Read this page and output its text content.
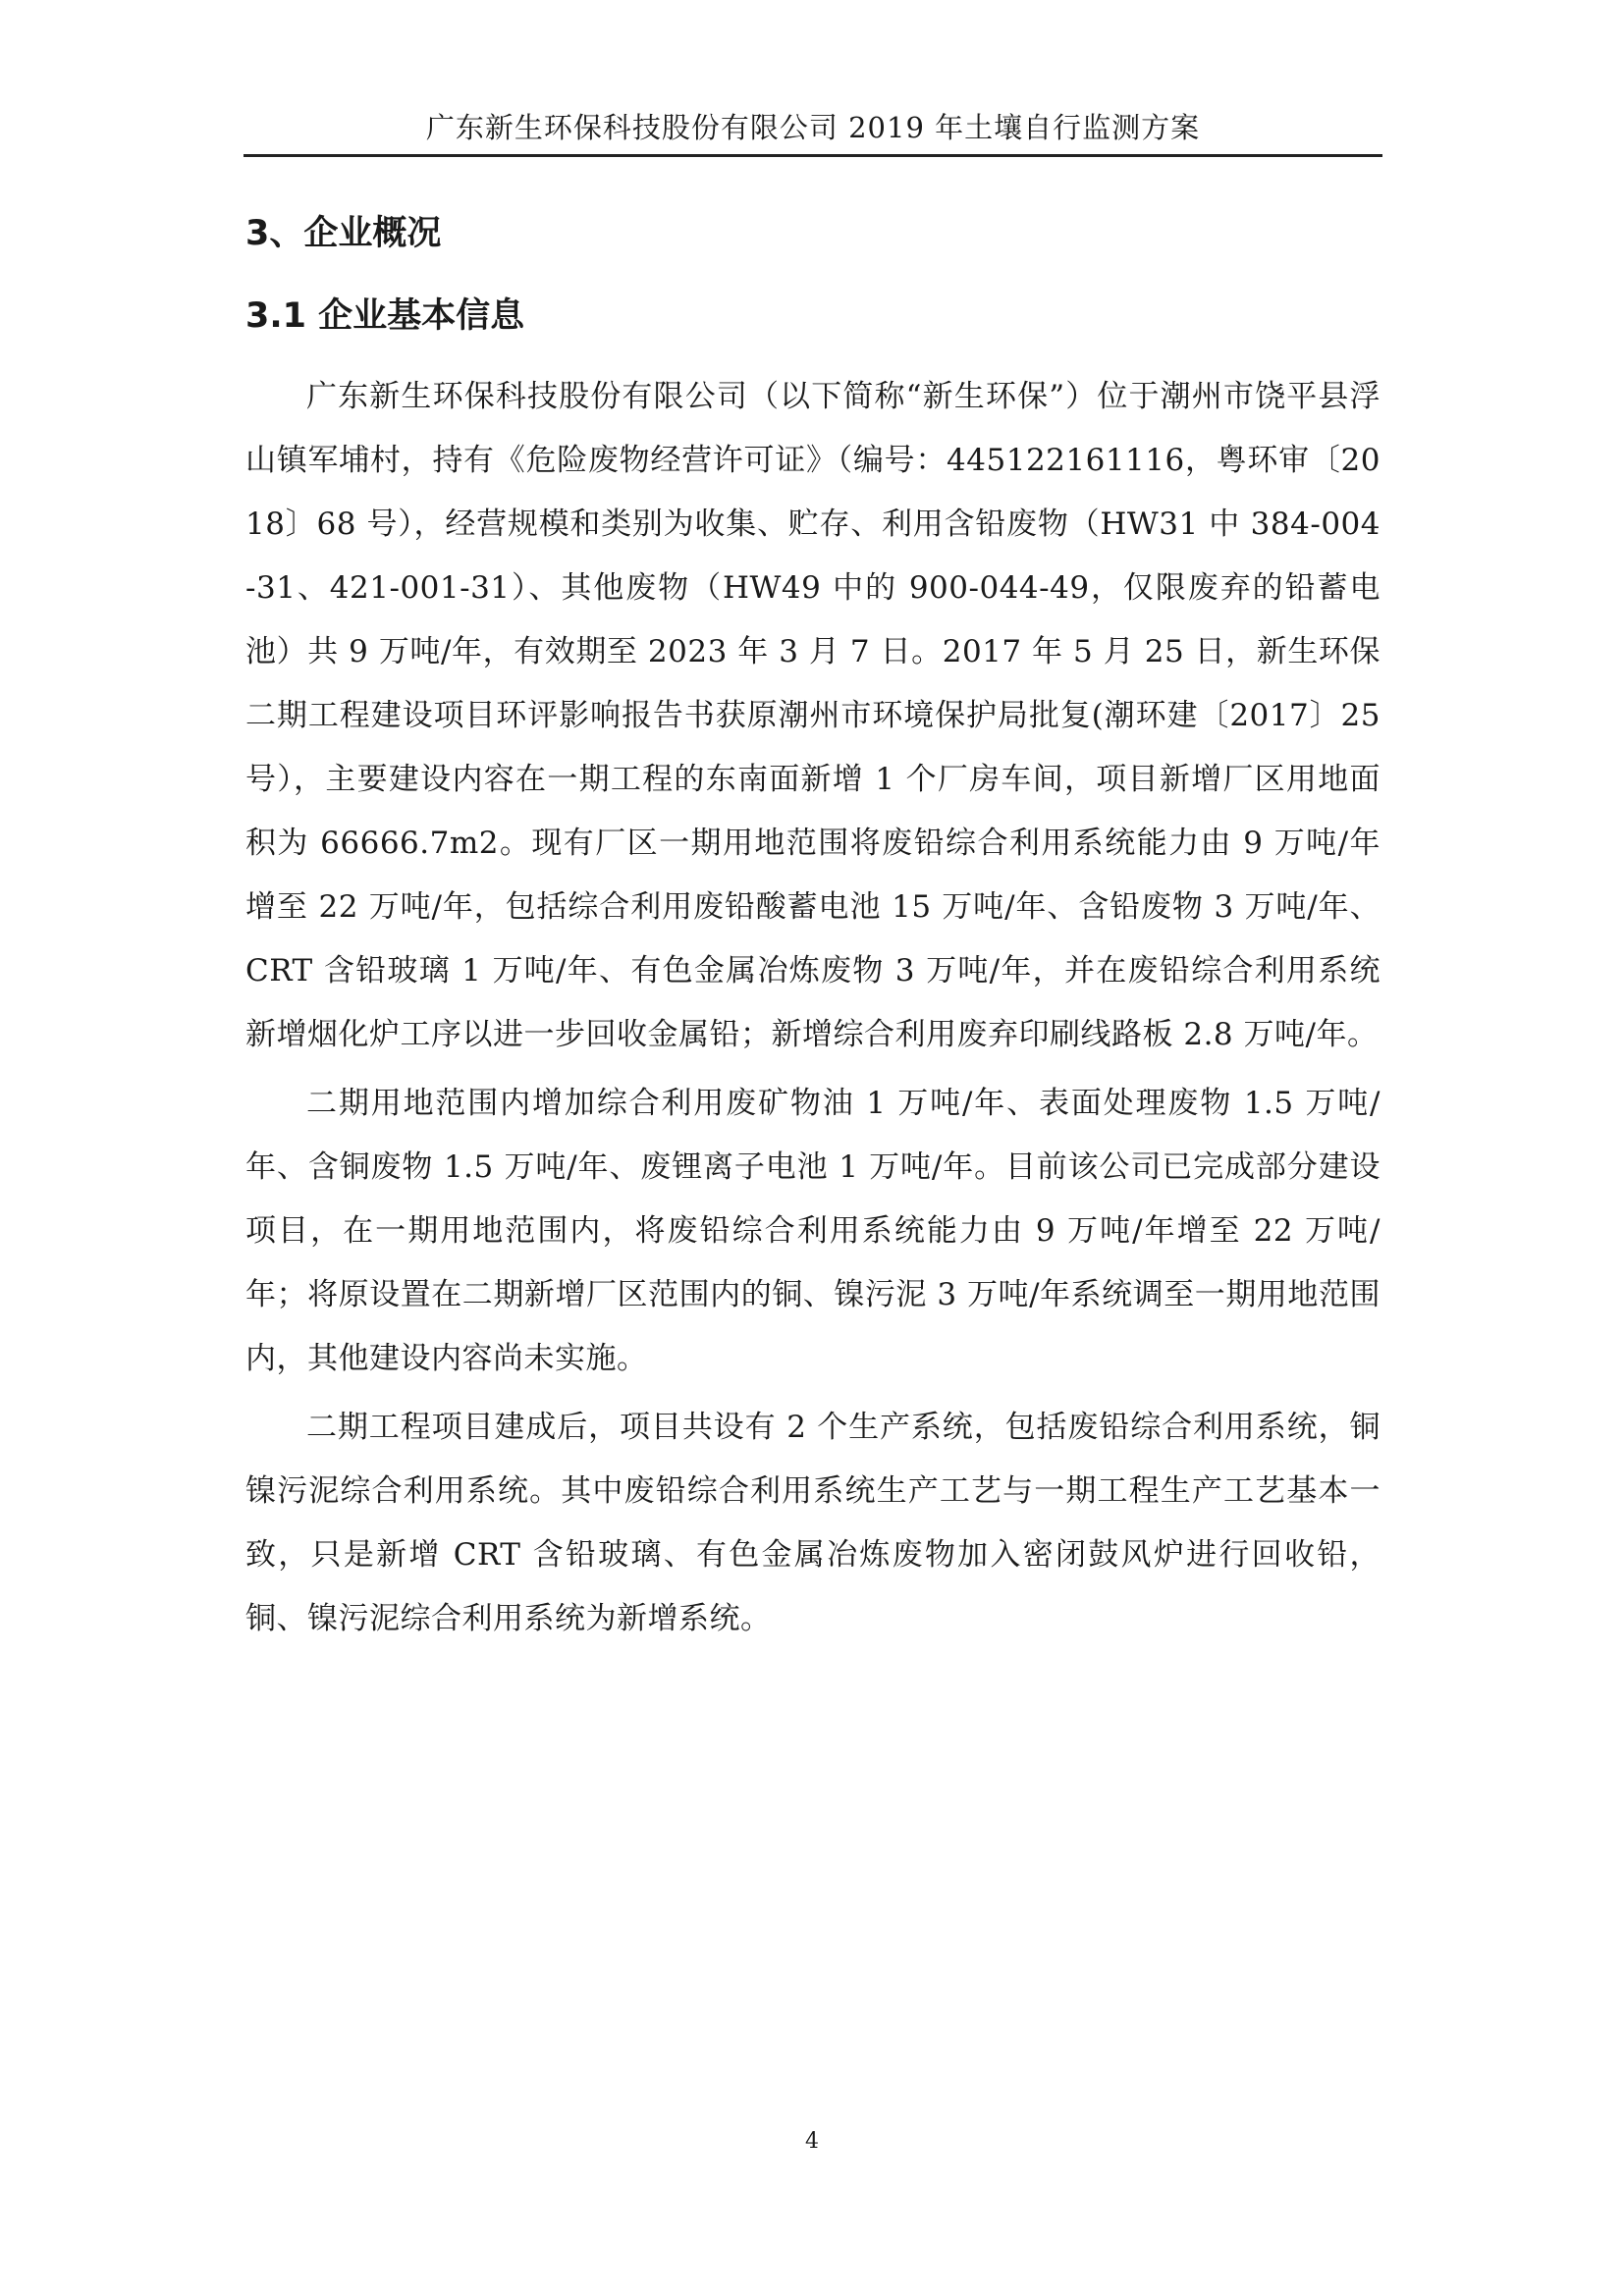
广东新生环保科技股份有限公司 2019 年土壤自行监测方案
3、企业概况
3.1 企业基本信息

广东新生环保科技股份有限公司（以下简称“新生环保”）位于潮州市饶平县浮山镇军埔村，持有《危险废物经营许可证》（编号：445122161116，粤环审〔2018〕68 号），经营规模和类别为收集、贮存、利用含铅废物（HW31 中 384-004-31、421-001-31）、其他废物（HW49 中的 900-044-49，仅限废弃的铅蓄电池）共 9 万吨/年，有效期至 2023 年 3 月 7 日。2017 年 5 月 25 日，新生环保二期工程建设项目环评影响报告书获原潮州市环境保护局批复(潮环建〔2017〕25 号），主要建设内容在一期工程的东南面新增 1 个厂房车间，项目新增厂区用地面积为 66666.7m2。现有厂区一期用地范围将废铅综合利用系统能力由 9 万吨/年增至 22 万吨/年，包括综合利用废铅酸蓄电池 15 万吨/年、含铅废物 3 万吨/年、CRT 含铅玻璃 1 万吨/年、有色金属冶炼废物 3 万吨/年，并在废铅综合利用系统新增烟化炉工序以进一步回收金属铅；新增综合利用废弃印刷线路板 2.8 万吨/年。

二期用地范围内增加综合利用废矿物油 1 万吨/年、表面处理废物 1.5 万吨/年、含铜废物 1.5 万吨/年、废锂离子电池 1 万吨/年。目前该公司已完成部分建设项目，在一期用地范围内，将废铅综合利用系统能力由 9 万吨/年增至 22 万吨/年；将原设置在二期新增厂区范围内的铜、镍污泥 3 万吨/年系统调至一期用地范围内，其他建设内容尚未实施。

二期工程项目建成后，项目共设有 2 个生产系统，包括废铅综合利用系统，铜镍污泥综合利用系统。其中废铅综合利用系统生产工艺与一期工程生产工艺基本一致，只是新增 CRT 含铅玻璃、有色金属冶炼废物加入密闭鼓风炉进行回收铅，铜、镍污泥综合利用系统为新增系统。

4
